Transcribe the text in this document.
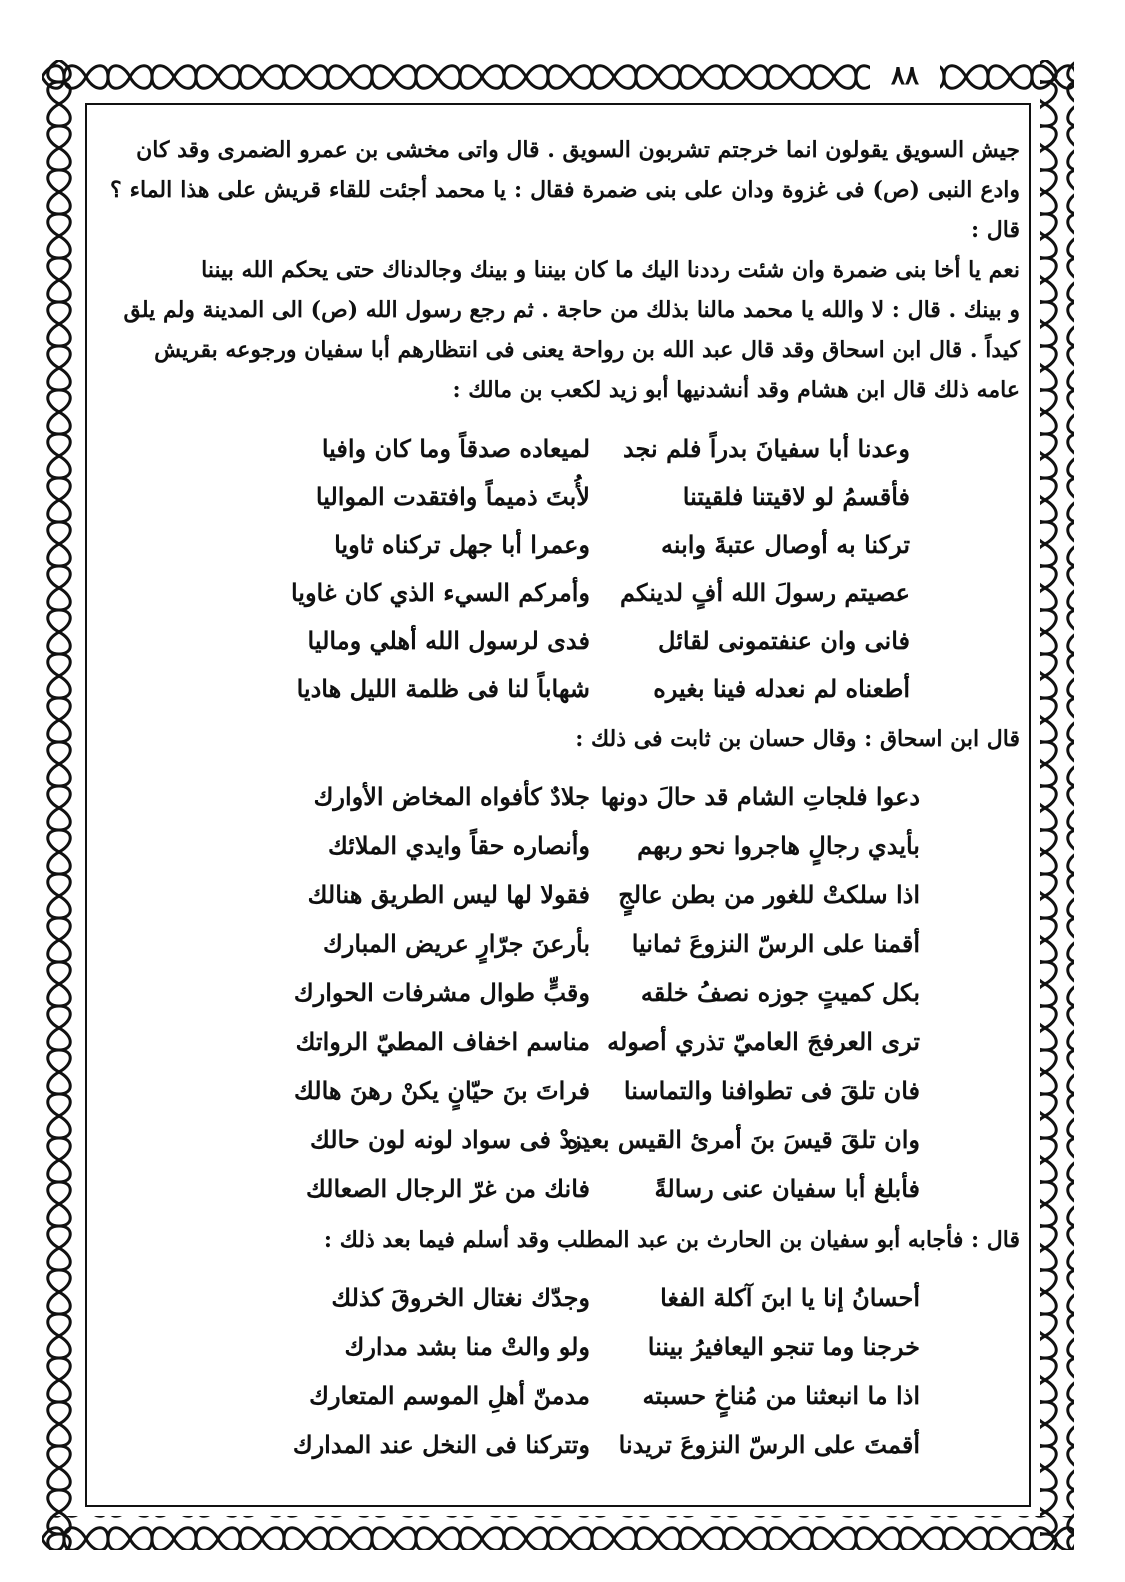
٨٨

جيش السويق يقولون انما خرجتم تشربون السويق . قال واتى مخشى بن عمرو الضمرى وقد كان

وادع النبى (ص) فى غزوة ودان على بنى ضمرة فقال : يا محمد أجئت للقاء قريش على هذا الماء ؟ قال :

نعم يا أخا بنى ضمرة وان شئت رددنا اليك ما كان بيننا و بينك وجالدناك حتى يحكم الله بيننا

و بينك . قال : لا والله يا محمد مالنا بذلك من حاجة . ثم رجع رسول الله (ص) الى المدينة ولم يلق

كيداً . قال ابن اسحاق وقد قال عبد الله بن رواحة يعنى فى انتظارهم أبا سفيان ورجوعه بقريش

عامه ذلك قال ابن هشام وقد أنشدنيها أبو زيد لكعب بن مالك :

وعدنا أبا سفيانَ بدراً فلم نجد
لميعاده صدقاً وما كان وافيا
فأقسمُ لو لاقيتنا فلقيتنا
لأُبتَ ذميماً وافتقدت المواليا
تركنا به أوصال عتبةَ وابنه
وعمرا أبا جهل تركناه ثاويا
عصيتم رسولَ الله أفٍ لدينكم
وأمركم السيء الذي كان غاويا
فانى وان عنفتمونى لقائل
فدى لرسول الله أهلي وماليا
أطعناه لم نعدله فينا بغيره
شهاباً لنا فى ظلمة الليل هاديا
قال ابن اسحاق : وقال حسان بن ثابت فى ذلك :
دعوا فلجاتِ الشام قد حالَ دونها
جلادٌ كأفواه المخاض الأوارك
بأيدي رجالٍ هاجروا نحو ربهم
وأنصاره حقاً وايدي الملائك
اذا سلكتْ للغور من بطن عالجٍ
فقولا لها ليس الطريق هنالك
أقمنا على الرسّ النزوعَ ثمانيا
بأرعنَ جرّارٍ عريض المبارك
بكل كميتٍ جوزه نصفُ خلقه
وقبٍّ طوال مشرفات الحوارك
ترى العرفجَ العاميّ تذري أصوله
مناسم اخفاف المطيّ الرواتك
فان تلقَ فى تطوافنا والتماسنا
فراتَ بنَ حيّانٍ يكنْ رهنَ هالك
وان تلقَ قيسَ بنَ أمرئ القيس بعده
يزدْ فى سواد لونه لون حالك
فأبلغ أبا سفيان عنى رسالةً
فانك من غرّ الرجال الصعالك
قال : فأجابه أبو سفيان بن الحارث بن عبد المطلب وقد أسلم فيما بعد ذلك :
أحسانُ إنا يا ابنَ آكلة الفغا
وجدّك نغتال الخروقَ كذلك
خرجنا وما تنجو اليعافيرُ بيننا
ولو والتْ منا بشد مدارك
اذا ما انبعثنا من مُناخٍ حسبته
مدمنّ أهلِ الموسم المتعارك
أقمتَ على الرسّ النزوعَ تريدنا
وتتركنا فى النخل عند المدارك
